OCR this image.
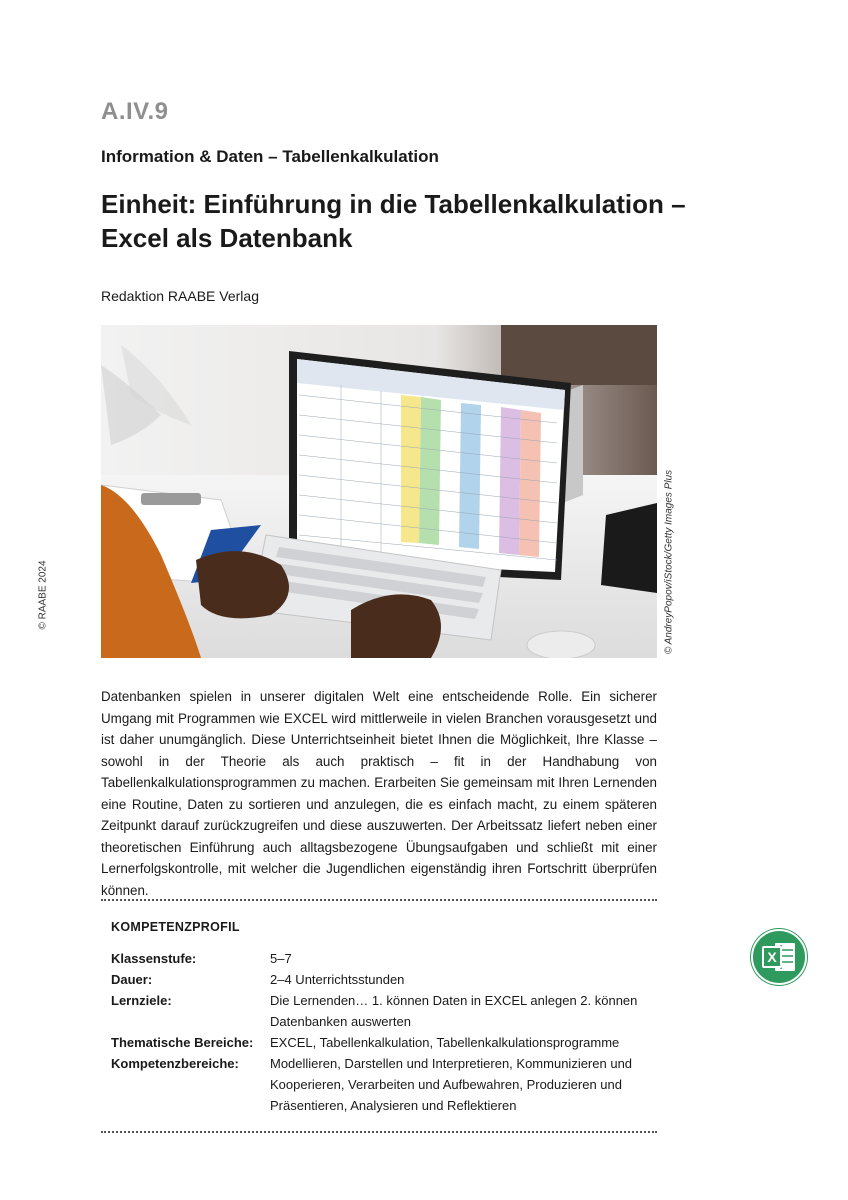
A.IV.9
Information & Daten – Tabellenkalkulation
Einheit: Einführung in die Tabellenkalkulation –
Excel als Datenbank
Redaktion RAABE Verlag
© RAABE 2024	© AndreyPopov/iStock/Getty Images Plus

Datenbanken spielen in unserer digitalen Welt eine entscheidende Rolle. Ein sicherer Umgang mit Programmen wie EXCEL wird mittlerweile in vielen Branchen vorausgesetzt und ist daher unumgänglich. Diese Unterrichtseinheit bietet Ihnen die Möglichkeit, Ihre Klasse – sowohl in der Theorie als auch praktisch – fit in der Handhabung von Tabellenkalkulationsprogrammen zu machen. Erarbeiten Sie gemeinsam mit Ihren Lernenden eine Routine, Daten zu sortieren und anzulegen, die es einfach macht, zu einem späteren Zeitpunkt darauf zurückzugreifen und diese auszuwerten. Der Arbeitssatz liefert neben einer theoretischen Einführung auch alltagsbezogene Übungsaufgaben und schließt mit einer Lernerfolgskontrolle, mit welcher die Jugendlichen eigenständig ihren Fortschritt überprüfen können.

KOMPETENZPROFIL
Klassenstufe:	5–7
Dauer:	2–4 Unterrichtsstunden
Lernziele:	Die Lernenden… 1. können Daten in EXCEL anlegen 2. können Datenbanken auswerten
Thematische Bereiche:	EXCEL, Tabellenkalkulation, Tabellenkalkulationsprogramme
Kompetenzbereiche:	Modellieren, Darstellen und Interpretieren, Kommunizieren und Kooperieren, Verarbeiten und Aufbewahren, Produzieren und Präsentieren, Analysieren und Reflektieren
X
